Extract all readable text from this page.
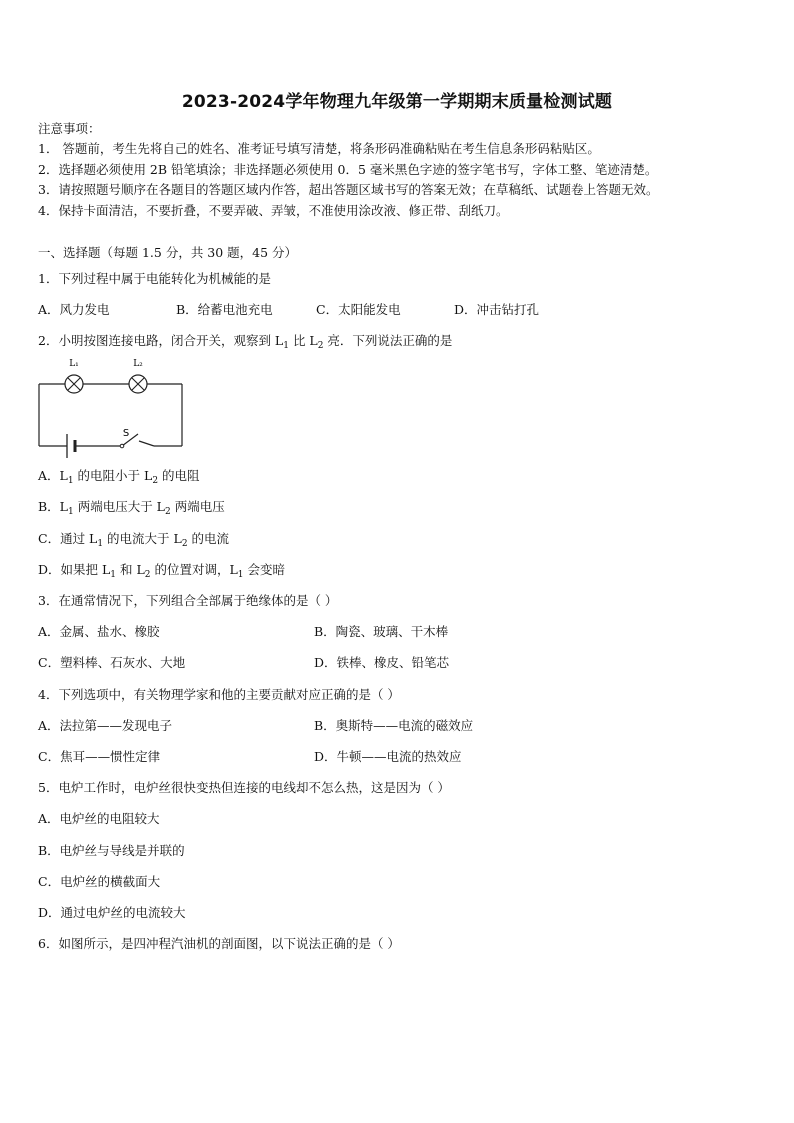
2023-2024学年物理九年级第一学期期末质量检测试题
注意事项：
1． 答题前，考生先将自己的姓名、准考证号填写清楚，将条形码准确粘贴在考生信息条形码粘贴区。
2．选择题必须使用 2B 铅笔填涂；非选择题必须使用 0．5 毫米黑色字迹的签字笔书写，字体工整、笔迹清楚。
3．请按照题号顺序在各题目的答题区域内作答，超出答题区域书写的答案无效；在草稿纸、试题卷上答题无效。
4．保持卡面清洁，不要折叠，不要弄破、弄皱，不准使用涂改液、修正带、刮纸刀。
一、选择题（每题 1.5 分，共 30 题，45 分）
1．下列过程中属于电能转化为机械能的是
A．风力发电	B．给蓄电池充电	C．太阳能发电	D．冲击钻打孔
2．小明按图连接电路，闭合开关，观察到 $L_1$ 比 $L_2$ 亮．下列说法正确的是
L₁	L₂
S
A．$L_1$ 的电阻小于 $L_2$ 的电阻
B．$L_1$ 两端电压大于 $L_2$ 两端电压
C．通过 $L_1$ 的电流大于 $L_2$ 的电流
D．如果把 $L_1$ 和 $L_2$ 的位置对调，$L_1$ 会变暗
3．在通常情况下，下列组合全部属于绝缘体的是（ ）
A．金属、盐水、橡胶	B．陶瓷、玻璃、干木棒
C．塑料棒、石灰水、大地	D．铁棒、橡皮、铅笔芯
4．下列选项中，有关物理学家和他的主要贡献对应正确的是（ ）
A．法拉第——发现电子	B．奥斯特——电流的磁效应
C．焦耳——惯性定律	D．牛顿——电流的热效应
5．电炉工作时，电炉丝很快变热但连接的电线却不怎么热，这是因为（ ）
A．电炉丝的电阻较大
B．电炉丝与导线是并联的
C．电炉丝的横截面大
D．通过电炉丝的电流较大
6．如图所示，是四冲程汽油机的剖面图，以下说法正确的是（ ）
